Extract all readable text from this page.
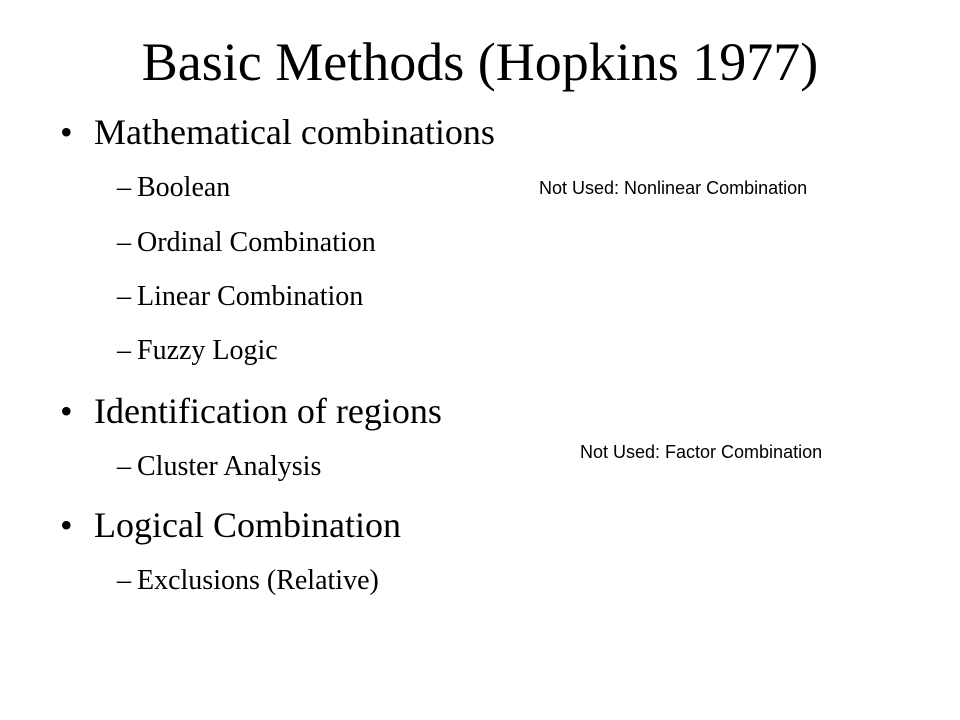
Basic Methods (Hopkins 1977)
• Mathematical combinations
– Boolean
– Ordinal Combination
– Linear Combination
– Fuzzy Logic
• Identification of regions
– Cluster Analysis
• Logical Combination
– Exclusions (Relative)
Not Used: Nonlinear Combination
Not Used: Factor Combination
